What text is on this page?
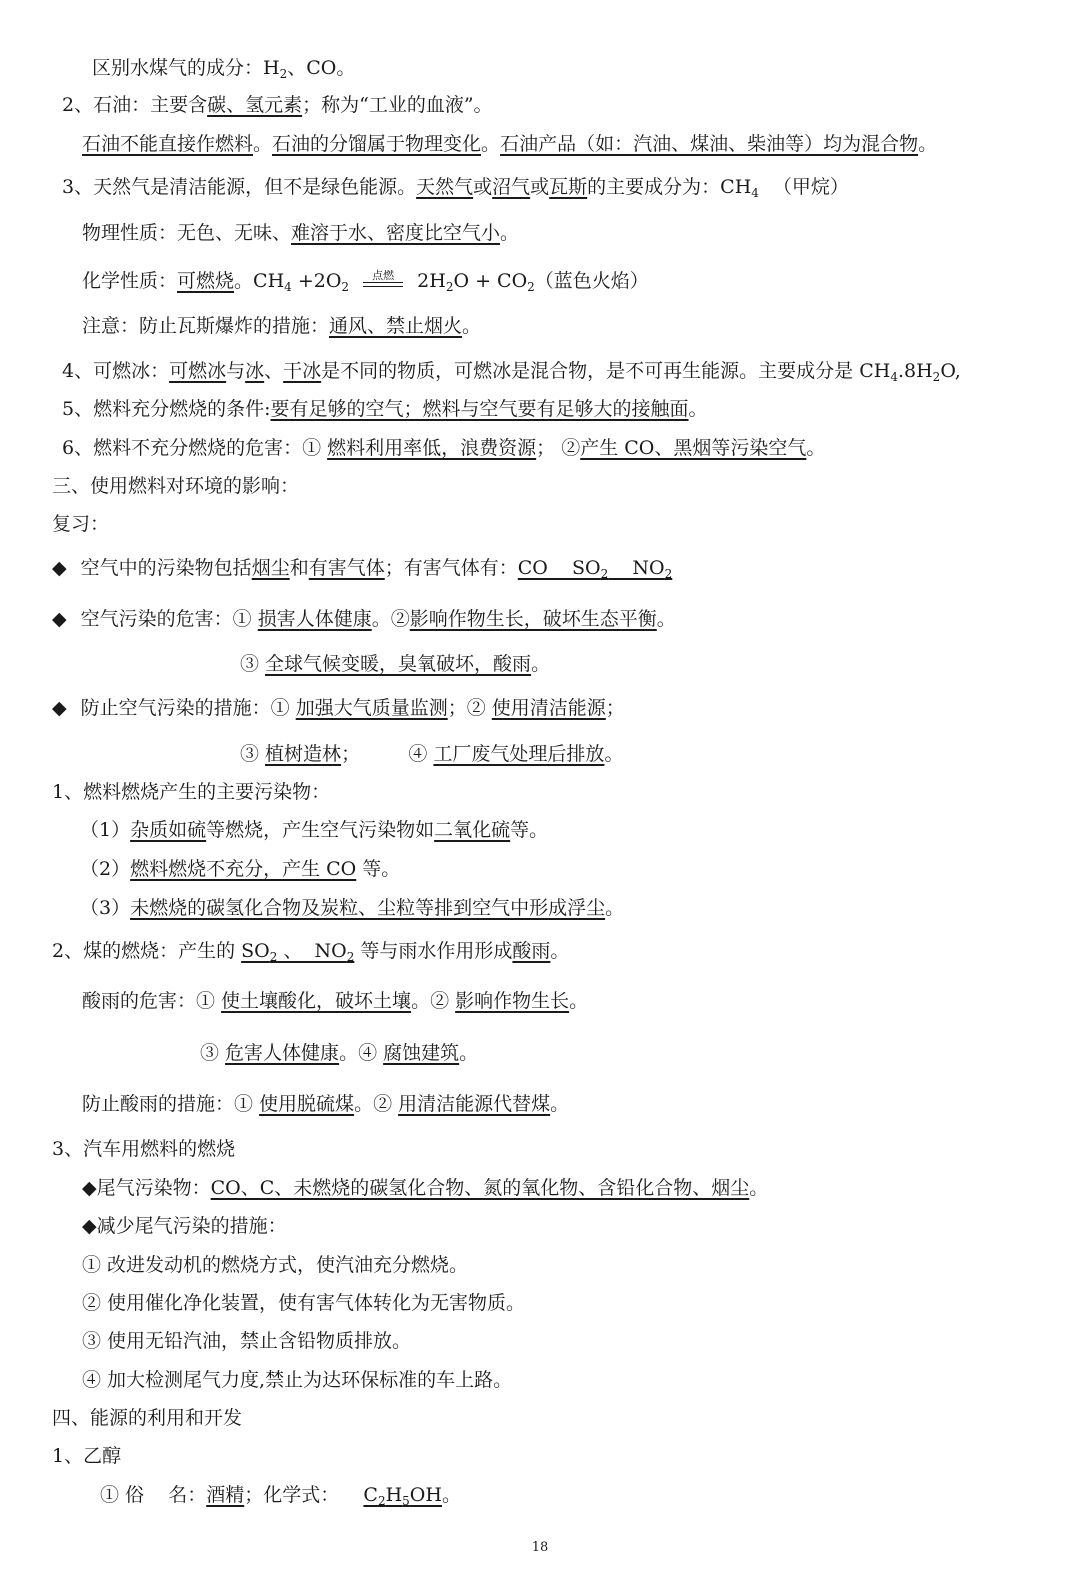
区别水煤气的成分：$H_2$、CO。
2、石油：主要含碳、氢元素；称为“工业的血液”。
石油不能直接作燃料。石油的分馏属于物理变化。石油产品（如：汽油、煤油、柴油等）均为混合物。
3、天然气是清洁能源，但不是绿色能源。天然气或沼气或瓦斯的主要成分为：$CH_4$ （甲烷）
物理性质：无色、无味、难溶于水、密度比空气小。
化学性质：可燃烧。$CH_4 +2O_2$
点燃	$2H_2O + CO_2$（蓝色火焰）
注意：防止瓦斯爆炸的措施：通风、禁止烟火。
4、可燃冰：可燃冰与冰、干冰是不同的物质，可燃冰是混合物，是不可再生能源。主要成分是 $CH_4.8H_2O$,
5、燃料充分燃烧的条件:要有足够的空气；燃料与空气要有足够大的接触面。
6、燃料不充分燃烧的危害：① 燃料利用率低，浪费资源； ②产生 CO、黑烟等污染空气。
三、使用燃料对环境的影响：
复习：
◆ 空气中的污染物包括烟尘和有害气体；有害气体有：CO    $SO_2$    $NO_2$
◆ 空气污染的危害：① 损害人体健康。②影响作物生长，破坏生态平衡。
③ 全球气候变暖，臭氧破坏，酸雨。
◆ 防止空气污染的措施：① 加强大气质量监测；② 使用清洁能源；
③ 植树造林；        ④ 工厂废气处理后排放。
1、燃料燃烧产生的主要污染物：
（1）杂质如硫等燃烧，产生空气污染物如二氧化硫等。
（2）燃料燃烧不充分，产生 CO 等。
（3）未燃烧的碳氢化合物及炭粒、尘粒等排到空气中形成浮尘。
2、煤的燃烧：产生的 $SO_2$ 、  $NO_2$ 等与雨水作用形成酸雨。
酸雨的危害：① 使土壤酸化，破坏土壤。② 影响作物生长。
③ 危害人体健康。④ 腐蚀建筑。
防止酸雨的措施：① 使用脱硫煤。② 用清洁能源代替煤。
3、汽车用燃料的燃烧
◆尾气污染物：CO、C、未燃烧的碳氢化合物、氮的氧化物、含铅化合物、烟尘。
◆减少尾气污染的措施：
① 改进发动机的燃烧方式，使汽油充分燃烧。
② 使用催化净化装置，使有害气体转化为无害物质。
③ 使用无铅汽油，禁止含铅物质排放。
④ 加大检测尾气力度,禁止为达环保标准的车上路。
四、能源的利用和开发
1、乙醇
① 俗    名：酒精；化学式：    $C_2H_5OH$。
18
